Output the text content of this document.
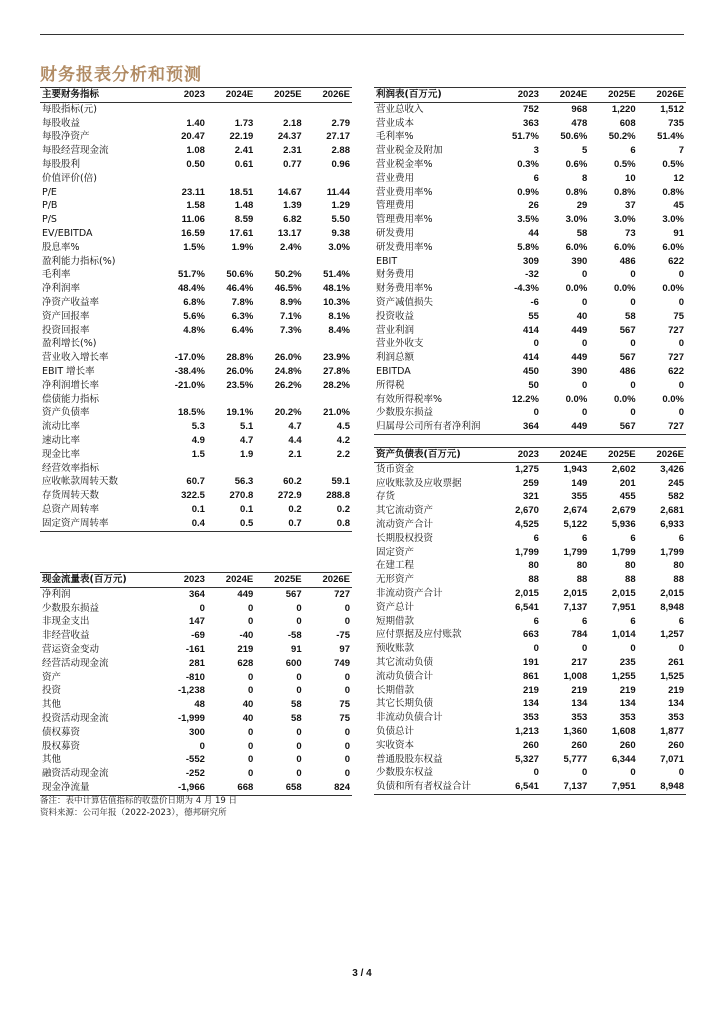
财务报表分析和预测
主要财务指标	2023	2024E	2025E	2026E
每股指标(元)				
每股收益	1.40	1.73	2.18	2.79
每股净资产	20.47	22.19	24.37	27.17
每股经营现金流	1.08	2.41	2.31	2.88
每股股利	0.50	0.61	0.77	0.96
价值评价(倍)				
P/E	23.11	18.51	14.67	11.44
P/B	1.58	1.48	1.39	1.29
P/S	11.06	8.59	6.82	5.50
EV/EBITDA	16.59	17.61	13.17	9.38
股息率%	1.5%	1.9%	2.4%	3.0%
盈利能力指标(%)				
毛利率	51.7%	50.6%	50.2%	51.4%
净利润率	48.4%	46.4%	46.5%	48.1%
净资产收益率	6.8%	7.8%	8.9%	10.3%
资产回报率	5.6%	6.3%	7.1%	8.1%
投资回报率	4.8%	6.4%	7.3%	8.4%
盈利增长(%)				
营业收入增长率	-17.0%	28.8%	26.0%	23.9%
EBIT 增长率	-38.4%	26.0%	24.8%	27.8%
净利润增长率	-21.0%	23.5%	26.2%	28.2%
偿债能力指标				
资产负债率	18.5%	19.1%	20.2%	21.0%
流动比率	5.3	5.1	4.7	4.5
速动比率	4.9	4.7	4.4	4.2
现金比率	1.5	1.9	2.1	2.2
经营效率指标				
应收帐款周转天数	60.7	56.3	60.2	59.1
存货周转天数	322.5	270.8	272.9	288.8
总资产周转率	0.1	0.1	0.2	0.2
固定资产周转率	0.4	0.5	0.7	0.8
利润表(百万元)	2023	2024E	2025E	2026E
营业总收入	752	968	1,220	1,512
营业成本	363	478	608	735
毛利率%	51.7%	50.6%	50.2%	51.4%
营业税金及附加	3	5	6	7
营业税金率%	0.3%	0.6%	0.5%	0.5%
营业费用	6	8	10	12
营业费用率%	0.9%	0.8%	0.8%	0.8%
管理费用	26	29	37	45
管理费用率%	3.5%	3.0%	3.0%	3.0%
研发费用	44	58	73	91
研发费用率%	5.8%	6.0%	6.0%	6.0%
EBIT	309	390	486	622
财务费用	-32	0	0	0
财务费用率%	-4.3%	0.0%	0.0%	0.0%
资产减值损失	-6	0	0	0
投资收益	55	40	58	75
营业利润	414	449	567	727
营业外收支	0	0	0	0
利润总额	414	449	567	727
EBITDA	450	390	486	622
所得税	50	0	0	0
有效所得税率%	12.2%	0.0%	0.0%	0.0%
少数股东损益	0	0	0	0
归属母公司所有者净利润	364	449	567	727
资产负债表(百万元)	2023	2024E	2025E	2026E
货币资金	1,275	1,943	2,602	3,426
应收账款及应收票据	259	149	201	245
存货	321	355	455	582
其它流动资产	2,670	2,674	2,679	2,681
流动资产合计	4,525	5,122	5,936	6,933
长期股权投资	6	6	6	6
固定资产	1,799	1,799	1,799	1,799
在建工程	80	80	80	80
无形资产	88	88	88	88
非流动资产合计	2,015	2,015	2,015	2,015
资产总计	6,541	7,137	7,951	8,948
短期借款	6	6	6	6
应付票据及应付账款	663	784	1,014	1,257
预收账款	0	0	0	0
其它流动负债	191	217	235	261
流动负债合计	861	1,008	1,255	1,525
长期借款	219	219	219	219
其它长期负债	134	134	134	134
非流动负债合计	353	353	353	353
负债总计	1,213	1,360	1,608	1,877
实收资本	260	260	260	260
普通股股东权益	5,327	5,777	6,344	7,071
少数股东权益	0	0	0	0
负债和所有者权益合计	6,541	7,137	7,951	8,948
现金流量表(百万元)	2023	2024E	2025E	2026E
净利润	364	449	567	727
少数股东损益	0	0	0	0
非现金支出	147	0	0	0
非经营收益	-69	-40	-58	-75
营运资金变动	-161	219	91	97
经营活动现金流	281	628	600	749
资产	-810	0	0	0
投资	-1,238	0	0	0
其他	48	40	58	75
投资活动现金流	-1,999	40	58	75
债权募资	300	0	0	0
股权募资	0	0	0	0
其他	-552	0	0	0
融资活动现金流	-252	0	0	0
现金净流量	-1,966	668	658	824
备注：表中计算估值指标的收盘价日期为 4 月 19 日
资料来源：公司年报（2022-2023），德邦研究所
3 / 4
